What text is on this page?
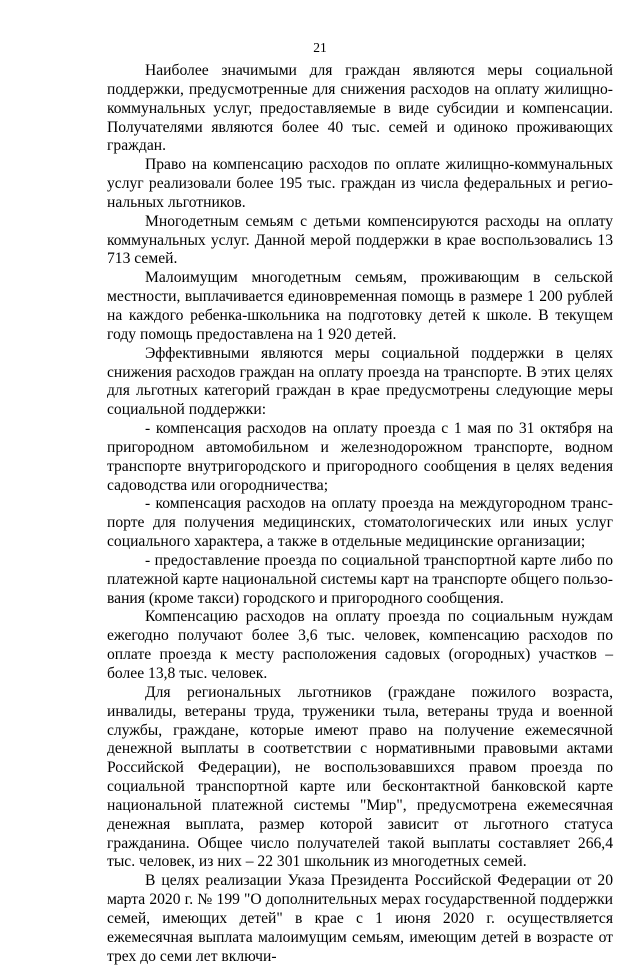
21

Наиболее значимыми для граждан являются меры социальной поддержки, предусмотренные для снижения расходов на оплату жилищно-коммунальных услуг, предоставляемые в виде субсидии и компенсации. Получателями являются более 40 тыс. семей и одиноко проживающих граждан.

Право на компенсацию расходов по оплате жилищно-коммунальных услуг реализовали более 195 тыс. граждан из числа федеральных и региональных льготников.

Многодетным семьям с детьми компенсируются расходы на оплату коммунальных услуг. Данной мерой поддержки в крае воспользовались 13 713 семей.

Малоимущим многодетным семьям, проживающим в сельской местности, выплачивается единовременная помощь в размере 1 200 рублей на каждого ребенка-школьника на подготовку детей к школе. В текущем году помощь предоставлена на 1 920 детей.

Эффективными являются меры социальной поддержки в целях снижения расходов граждан на оплату проезда на транспорте. В этих целях для льготных категорий граждан в крае предусмотрены следующие меры социальной поддержки:

- компенсация расходов на оплату проезда с 1 мая по 31 октября на пригородном автомобильном и железнодорожном транспорте, водном транспорте внутригородского и пригородного сообщения в целях ведения садоводства или огородничества;

- компенсация расходов на оплату проезда на междугородном транспорте для получения медицинских, стоматологических или иных услуг социального характера, а также в отдельные медицинские организации;

- предоставление проезда по социальной транспортной карте либо по платежной карте национальной системы карт на транспорте общего пользования (кроме такси) городского и пригородного сообщения.

Компенсацию расходов на оплату проезда по социальным нуждам ежегодно получают более 3,6 тыс. человек, компенсацию расходов по оплате проезда к месту расположения садовых (огородных) участков – более 13,8 тыс. человек.

Для региональных льготников (граждане пожилого возраста, инвалиды, ветераны труда, труженики тыла, ветераны труда и военной службы, граждане, которые имеют право на получение ежемесячной денежной выплаты в соответствии с нормативными правовыми актами Российской Федерации), не воспользовавшихся правом проезда по социальной транспортной карте или бесконтактной банковской карте национальной платежной системы "Мир", предусмотрена ежемесячная денежная выплата, размер которой зависит от льготного статуса гражданина. Общее число получателей такой выплаты составляет 266,4 тыс. человек, из них – 22 301 школьник из многодетных семей.

В целях реализации Указа Президента Российской Федерации от 20 марта 2020 г. № 199 "О дополнительных мерах государственной поддержки семей, имеющих детей" в крае с 1 июня 2020 г. осуществляется ежемесячная выплата малоимущим семьям, имеющим детей в возрасте от трех до семи лет включи-
